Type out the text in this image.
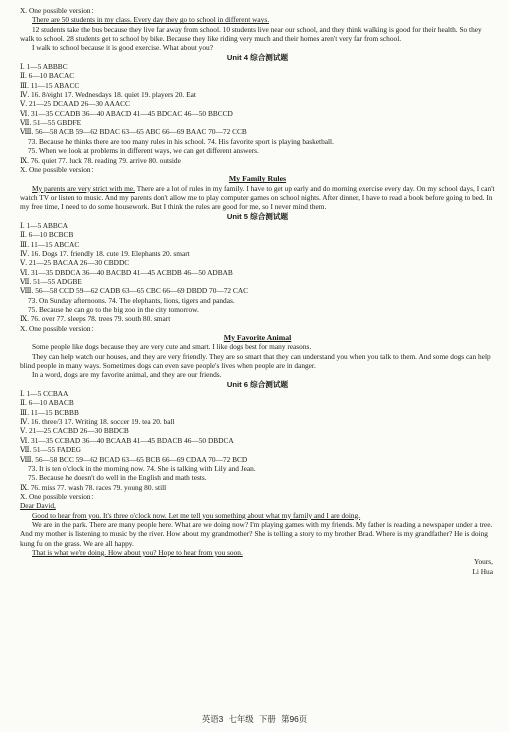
X. One possible version：
There are 50 students in my class. Every day they go to school in different ways.
12 students take the bus because they live far away from school. 10 students live near our school, and they think walking is good for their health. So they walk to school. 28 students get to school by bike. Because they like riding very much and their homes aren't very far from school.
I walk to school because it is good exercise. What about you?
Unit 4 综合测试题
Ⅰ. 1—5 ABBBC
Ⅱ. 6—10 BACAC
Ⅲ. 11—15 ABACC
Ⅳ. 16. 8/eight 17. Wednesdays 18. quiet 19. players 20. Eat
Ⅴ. 21—25 DCAAD 26—30 AAACC
Ⅵ. 31—35 CCADB 36—40 ABACD 41—45 BDCAC 46—50 BBCCD
Ⅶ. 51—55 GBDFE
Ⅷ. 56—58 ACB 59—62 BDAC 63—65 ABC 66—69 BAAC 70—72 CCB
73. Because he thinks there are too many rules in his school. 74. His favorite sport is playing basketball.
75. When we look at problems in different ways, we can get different answers.
Ⅸ. 76. quiet 77. luck 78. reading 79. arrive 80. outside
X. One possible version：
My Family Rules
My parents are very strict with me. There are a lot of rules in my family. I have to get up early and do morning exercise every day. On my school days, I can't watch TV or listen to music. And my parents don't allow me to play computer games on school nights. After dinner, I have to read a book before going to bed. In my free time, I need to do some housework. But I think the rules are good for me, so I never mind them.
Unit 5 综合测试题
Ⅰ. 1—5 ABBCA
Ⅱ. 6—10 BCBCB
Ⅲ. 11—15 ABCAC
Ⅳ. 16. Dogs 17. friendly 18. cute 19. Elephants 20. smart
Ⅴ. 21—25 BACAA 26—30 CBDDC
Ⅵ. 31—35 DBDCA 36—40 BACBD 41—45 ACBDB 46—50 ADBAB
Ⅶ. 51—55 ADGBE
Ⅷ. 56—58 CCD 59—62 CADB 63—65 CBC 66—69 DBDD 70—72 CAC
73. On Sunday afternoons. 74. The elephants, lions, tigers and pandas.
75. Because he can go to the big zoo in the city tomorrow.
Ⅸ. 76. over 77. sleeps 78. trees 79. south 80. smart
X. One possible version：
My Favorite Animal
Some people like dogs because they are very cute and smart. I like dogs best for many reasons.
They can help watch our houses, and they are very friendly. They are so smart that they can understand you when you talk to them. And some dogs can help blind people in many ways. Sometimes dogs can even save people's lives when people are in danger.
In a word, dogs are my favorite animal, and they are our friends.
Unit 6 综合测试题
Ⅰ. 1—5 CCBAA
Ⅱ. 6—10 ABACB
Ⅲ. 11—15 BCBBB
Ⅳ. 16. three/3 17. Writing 18. soccer 19. tea 20. ball
Ⅴ. 21—25 CACBD 26—30 BBDCB
Ⅵ. 31—35 CCBAD 36—40 BCAAB 41—45 BDACB 46—50 DBDCA
Ⅶ. 51—55 FADEG
Ⅷ. 56—58 BCC 59—62 BCAD 63—65 BCB 66—69 CDAA 70—72 BCD
73. It is ten o'clock in the morning now. 74. She is talking with Lily and Jean.
75. Because he doesn't do well in the English and math tests.
Ⅸ. 76. miss 77. wash 78. races 79. young 80. still
X. One possible version：
Dear David,
Good to hear from you. It's three o'clock now. Let me tell you something about what my family and I are doing.
We are in the park. There are many people here. What are we doing now? I'm playing games with my friends. My father is reading a newspaper under a tree. And my mother is listening to music by the river. How about my grandmother? She is telling a story to my brother Brad. Where is my grandfather? He is doing kung fu on the grass. We are all happy.
That is what we're doing. How about you? Hope to hear from you soon.
Yours,
Li Hua
英语3 七年级 下册 第96页
